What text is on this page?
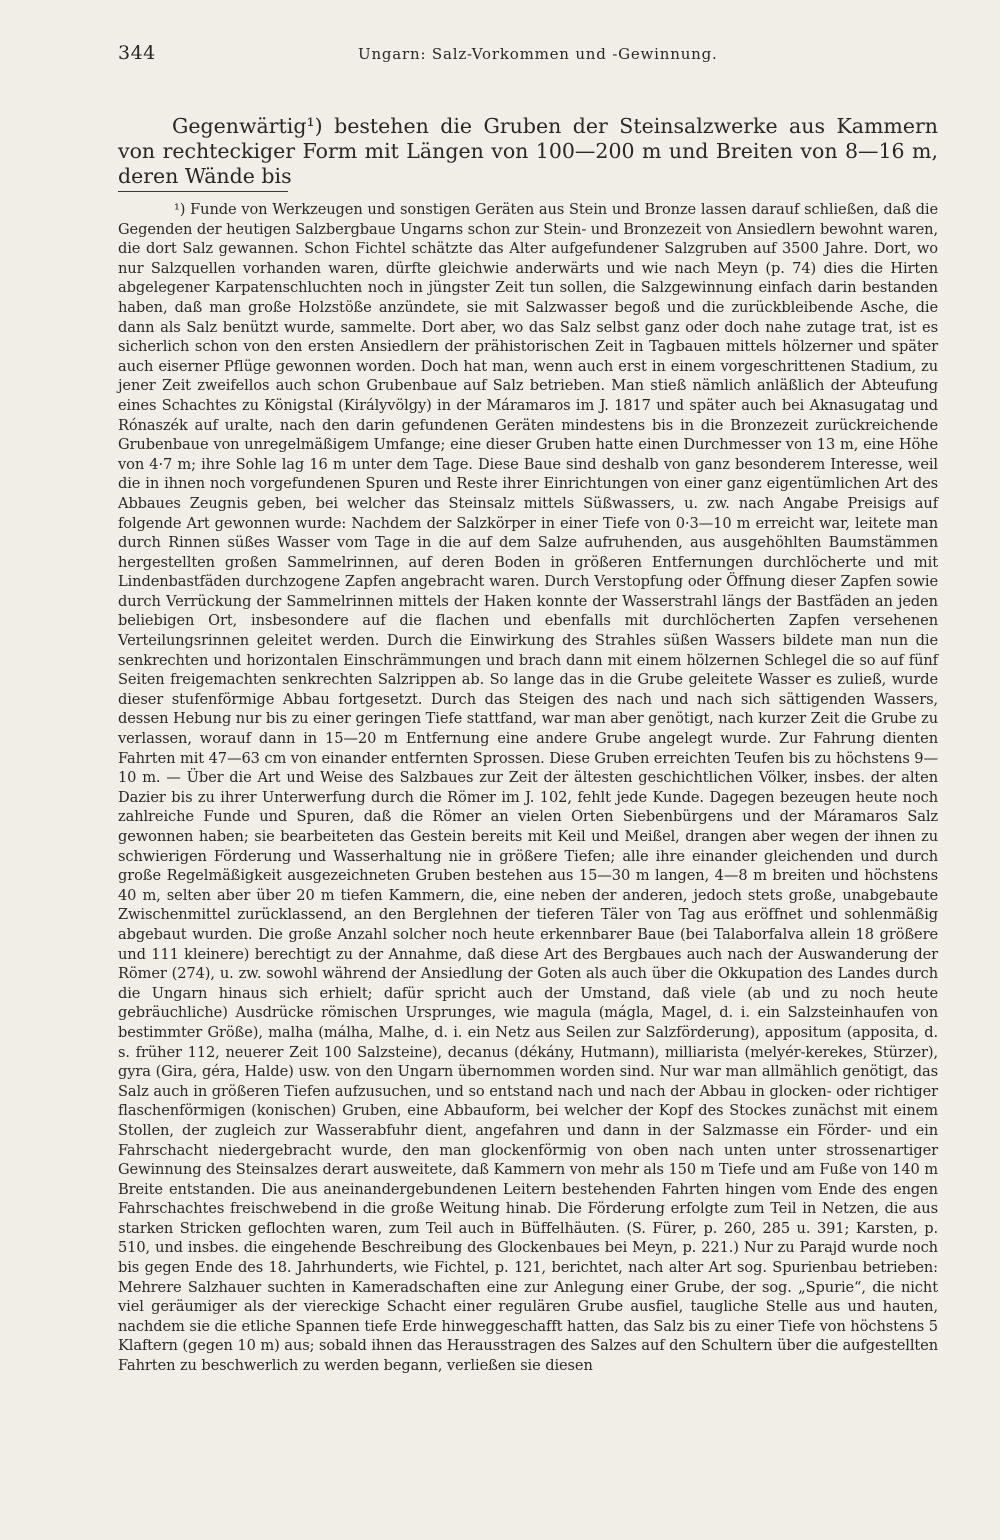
344	Ungarn: Salz-Vorkommen und -Gewinnung.

Gegenwärtig¹) bestehen die Gruben der Steinsalzwerke aus Kammern von rechteckiger Form mit Längen von 100—200 m und Breiten von 8—16 m, deren Wände bis

¹) Funde von Werkzeugen und sonstigen Geräten aus Stein und Bronze lassen darauf schließen, daß die Gegenden der heutigen Salzbergbaue Ungarns schon zur Stein- und Bronzezeit von Ansiedlern bewohnt waren, die dort Salz gewannen. Schon Fichtel schätzte das Alter aufgefundener Salzgruben auf 3500 Jahre. Dort, wo nur Salzquellen vorhanden waren, dürfte gleichwie anderwärts und wie nach Meyn (p. 74) dies die Hirten abgelegener Karpatenschluchten noch in jüngster Zeit tun sollen, die Salzgewinnung einfach darin bestanden haben, daß man große Holzstöße anzündete, sie mit Salzwasser begoß und die zurückbleibende Asche, die dann als Salz benützt wurde, sammelte. Dort aber, wo das Salz selbst ganz oder doch nahe zutage trat, ist es sicherlich schon von den ersten Ansiedlern der prähistorischen Zeit in Tagbauen mittels hölzerner und später auch eiserner Pflüge gewonnen worden. Doch hat man, wenn auch erst in einem vorgeschrittenen Stadium, zu jener Zeit zweifellos auch schon Grubenbaue auf Salz betrieben. Man stieß nämlich anläßlich der Abteufung eines Schachtes zu Königstal (Királyvölgy) in der Máramaros im J. 1817 und später auch bei Aknasugatag und Rónaszék auf uralte, nach den darin gefundenen Geräten mindestens bis in die Bronzezeit zurückreichende Grubenbaue von unregelmäßigem Umfange; eine dieser Gruben hatte einen Durchmesser von 13 m, eine Höhe von 4·7 m; ihre Sohle lag 16 m unter dem Tage. Diese Baue sind deshalb von ganz besonderem Interesse, weil die in ihnen noch vorgefundenen Spuren und Reste ihrer Einrichtungen von einer ganz eigentümlichen Art des Abbaues Zeugnis geben, bei welcher das Steinsalz mittels Süßwassers, u. zw. nach Angabe Preisigs auf folgende Art gewonnen wurde: Nachdem der Salzkörper in einer Tiefe von 0·3—10 m erreicht war, leitete man durch Rinnen süßes Wasser vom Tage in die auf dem Salze aufruhenden, aus ausgehöhlten Baumstämmen hergestellten großen Sammelrinnen, auf deren Boden in größeren Entfernungen durchlöcherte und mit Lindenbastfäden durchzogene Zapfen angebracht waren. Durch Verstopfung oder Öffnung dieser Zapfen sowie durch Verrückung der Sammelrinnen mittels der Haken konnte der Wasserstrahl längs der Bastfäden an jeden beliebigen Ort, insbesondere auf die flachen und ebenfalls mit durchlöcherten Zapfen versehenen Verteilungsrinnen geleitet werden. Durch die Einwirkung des Strahles süßen Wassers bildete man nun die senkrechten und horizontalen Einschrämmungen und brach dann mit einem hölzernen Schlegel die so auf fünf Seiten freigemachten senkrechten Salzrippen ab. So lange das in die Grube geleitete Wasser es zuließ, wurde dieser stufenförmige Abbau fortgesetzt. Durch das Steigen des nach und nach sich sättigenden Wassers, dessen Hebung nur bis zu einer geringen Tiefe stattfand, war man aber genötigt, nach kurzer Zeit die Grube zu verlassen, worauf dann in 15—20 m Entfernung eine andere Grube angelegt wurde. Zur Fahrung dienten Fahrten mit 47—63 cm von einander entfernten Sprossen. Diese Gruben erreichten Teufen bis zu höchstens 9—10 m. — Über die Art und Weise des Salzbaues zur Zeit der ältesten geschichtlichen Völker, insbes. der alten Dazier bis zu ihrer Unterwerfung durch die Römer im J. 102, fehlt jede Kunde. Dagegen bezeugen heute noch zahlreiche Funde und Spuren, daß die Römer an vielen Orten Siebenbürgens und der Máramaros Salz gewonnen haben; sie bearbeiteten das Gestein bereits mit Keil und Meißel, drangen aber wegen der ihnen zu schwierigen Förderung und Wasserhaltung nie in größere Tiefen; alle ihre einander gleichenden und durch große Regelmäßigkeit ausgezeichneten Gruben bestehen aus 15—30 m langen, 4—8 m breiten und höchstens 40 m, selten aber über 20 m tiefen Kammern, die, eine neben der anderen, jedoch stets große, unabgebaute Zwischenmittel zurücklassend, an den Berglehnen der tieferen Täler von Tag aus eröffnet und sohlenmäßig abgebaut wurden. Die große Anzahl solcher noch heute erkennbarer Baue (bei Talaborfalva allein 18 größere und 111 kleinere) berechtigt zu der Annahme, daß diese Art des Bergbaues auch nach der Auswanderung der Römer (274), u. zw. sowohl während der Ansiedlung der Goten als auch über die Okkupation des Landes durch die Ungarn hinaus sich erhielt; dafür spricht auch der Umstand, daß viele (ab und zu noch heute gebräuchliche) Ausdrücke römischen Ursprunges, wie magula (mágla, Magel, d. i. ein Salzsteinhaufen von bestimmter Größe), malha (málha, Malhe, d. i. ein Netz aus Seilen zur Salzförderung), appositum (apposita, d. s. früher 112, neuerer Zeit 100 Salzsteine), decanus (dékány, Hutmann), milliarista (melyér-kerekes, Stürzer), gyra (Gira, géra, Halde) usw. von den Ungarn übernommen worden sind. Nur war man allmählich genötigt, das Salz auch in größeren Tiefen aufzusuchen, und so entstand nach und nach der Abbau in glocken- oder richtiger flaschenförmigen (konischen) Gruben, eine Abbauform, bei welcher der Kopf des Stockes zunächst mit einem Stollen, der zugleich zur Wasserabfuhr dient, angefahren und dann in der Salzmasse ein Förder- und ein Fahrschacht niedergebracht wurde, den man glockenförmig von oben nach unten unter strossenartiger Gewinnung des Steinsalzes derart ausweitete, daß Kammern von mehr als 150 m Tiefe und am Fuße von 140 m Breite entstanden. Die aus aneinandergebundenen Leitern bestehenden Fahrten hingen vom Ende des engen Fahrschachtes freischwebend in die große Weitung hinab. Die Förderung erfolgte zum Teil in Netzen, die aus starken Stricken geflochten waren, zum Teil auch in Büffelhäuten. (S. Fürer, p. 260, 285 u. 391; Karsten, p. 510, und insbes. die eingehende Beschreibung des Glockenbaues bei Meyn, p. 221.) Nur zu Parajd wurde noch bis gegen Ende des 18. Jahrhunderts, wie Fichtel, p. 121, berichtet, nach alter Art sog. Spurienbau betrieben: Mehrere Salzhauer suchten in Kameradschaften eine zur Anlegung einer Grube, der sog. „Spurie“, die nicht viel geräumiger als der viereckige Schacht einer regulären Grube ausfiel, taugliche Stelle aus und hauten, nachdem sie die etliche Spannen tiefe Erde hinweggeschafft hatten, das Salz bis zu einer Tiefe von höchstens 5 Klaftern (gegen 10 m) aus; sobald ihnen das Herausstragen des Salzes auf den Schultern über die aufgestellten Fahrten zu beschwerlich zu werden begann, verließen sie diesen
